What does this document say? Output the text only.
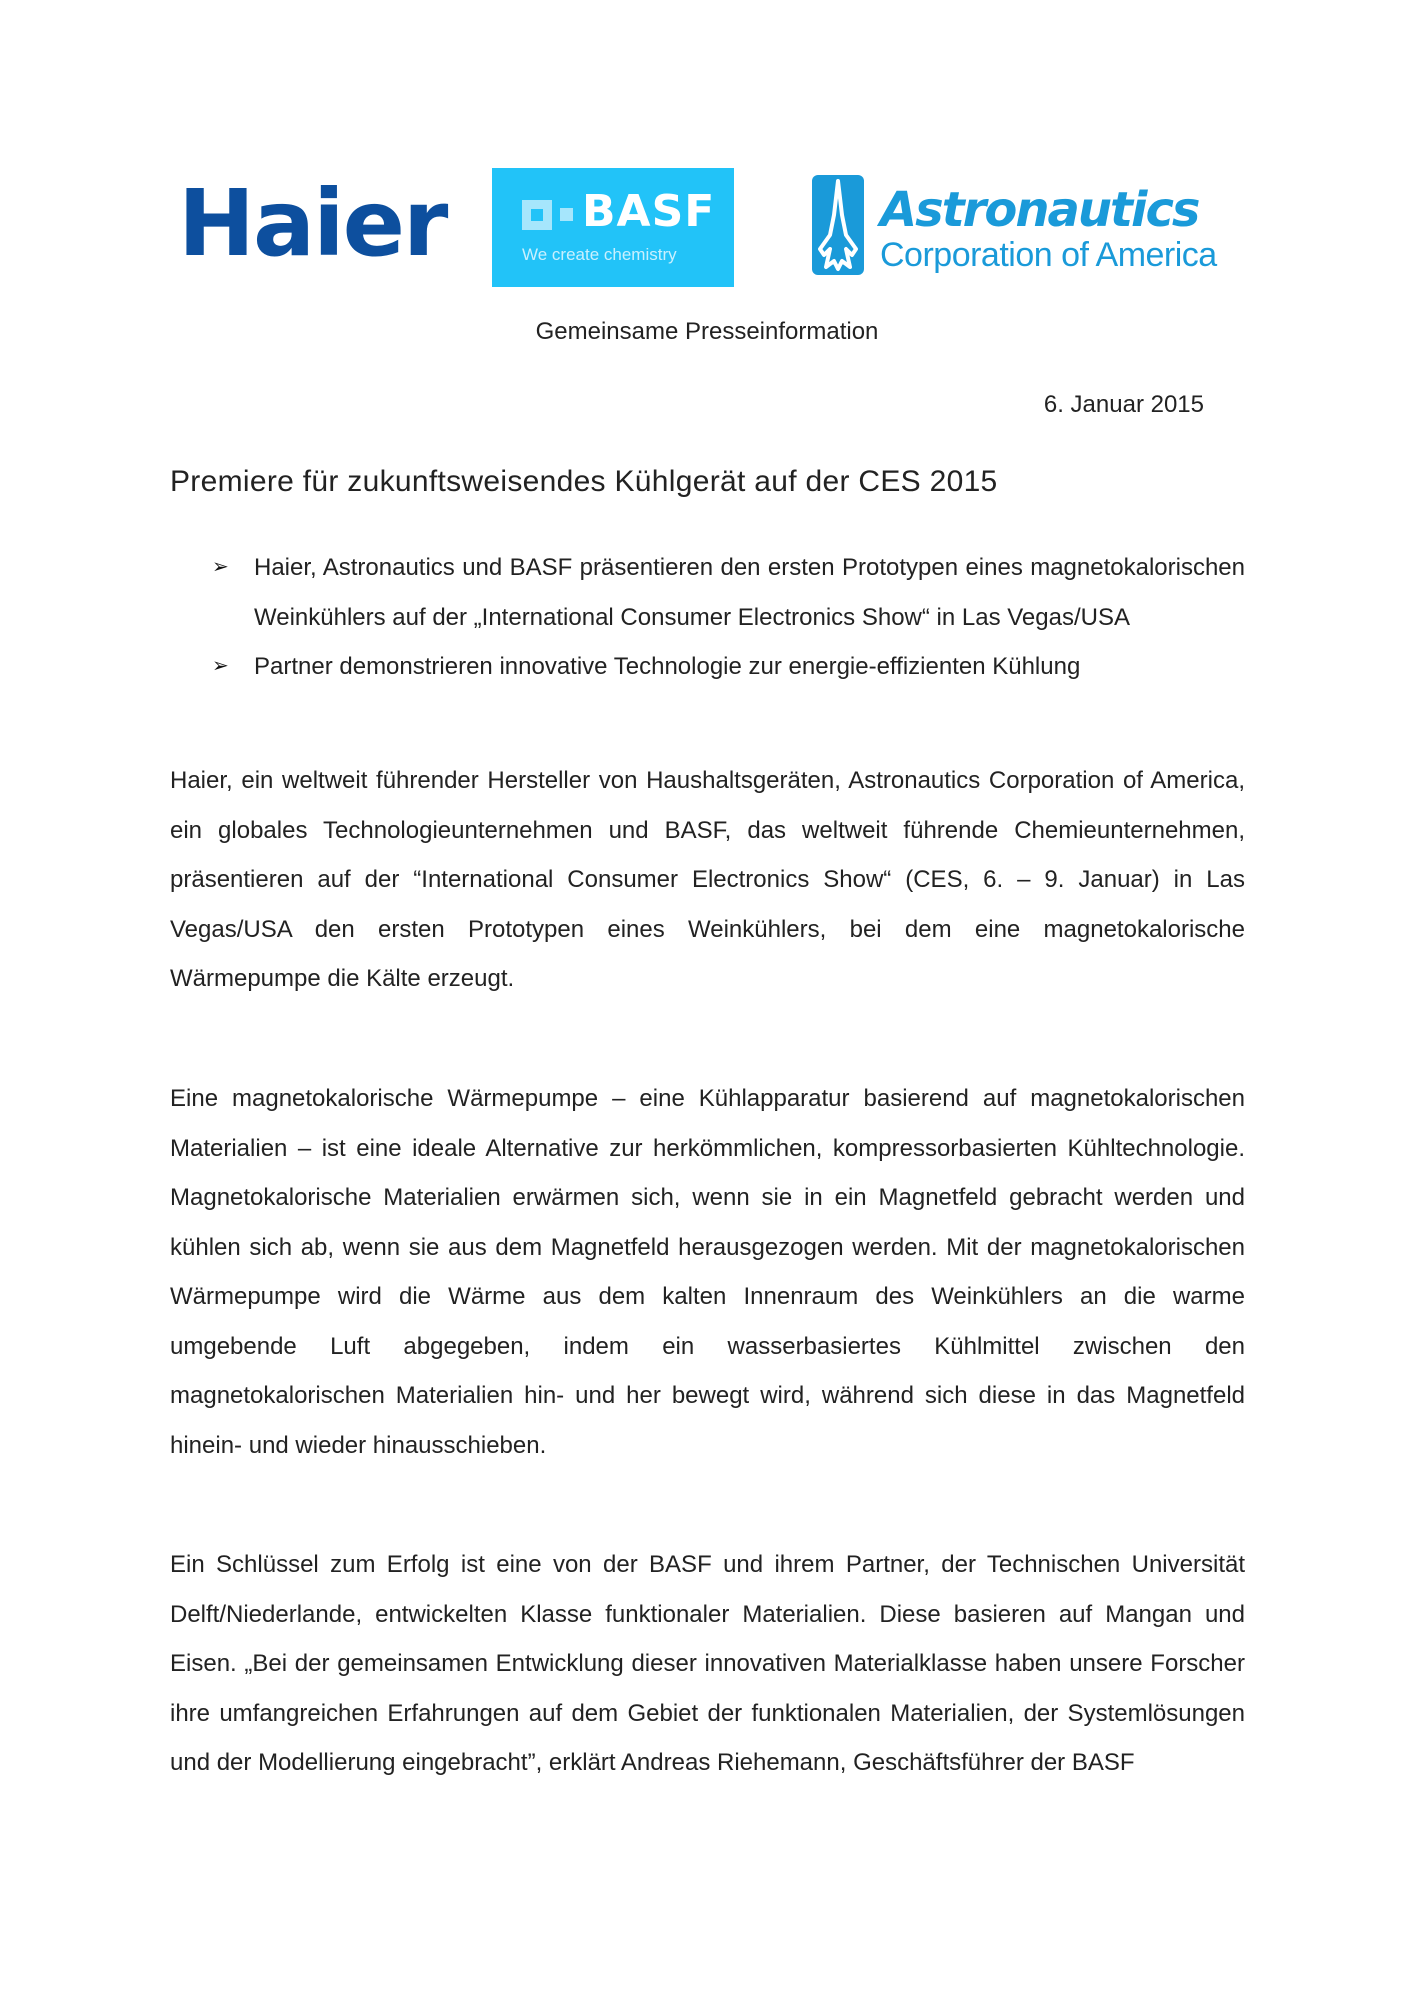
Haier	BASF
We create chemistry
Astronautics
Corporation of America
Gemeinsame Presseinformation
6. Januar 2015
Premiere für zukunftsweisendes Kühlgerät auf der CES 2015
➢ Haier, Astronautics und BASF präsentieren den ersten Prototypen eines magnetokalorischen Weinkühlers auf der „International Consumer Electronics Show“ in Las Vegas/USA
➢ Partner demonstrieren innovative Technologie zur energie-effizienten Kühlung

Haier, ein weltweit führender Hersteller von Haushaltsgeräten, Astronautics Corporation of America, ein globales Technologieunternehmen und BASF, das weltweit führende Chemieunternehmen, präsentieren auf der “International Consumer Electronics Show“ (CES, 6. – 9. Januar) in Las Vegas/USA den ersten Prototypen eines Weinkühlers, bei dem eine magnetokalorische Wärmepumpe die Kälte erzeugt.

Eine magnetokalorische Wärmepumpe – eine Kühlapparatur basierend auf magnetokalorischen Materialien – ist eine ideale Alternative zur herkömmlichen, kompressorbasierten Kühltechnologie. Magnetokalorische Materialien erwärmen sich, wenn sie in ein Magnetfeld gebracht werden und kühlen sich ab, wenn sie aus dem Magnetfeld herausgezogen werden. Mit der magnetokalorischen Wärmepumpe wird die Wärme aus dem kalten Innenraum des Weinkühlers an die warme umgebende Luft abgegeben, indem ein wasserbasiertes Kühlmittel zwischen den magnetokalorischen Materialien hin- und her bewegt wird, während sich diese in das Magnetfeld hinein- und wieder hinausschieben.

Ein Schlüssel zum Erfolg ist eine von der BASF und ihrem Partner, der Technischen Universität Delft/Niederlande, entwickelten Klasse funktionaler Materialien. Diese basieren auf Mangan und Eisen. „Bei der gemeinsamen Entwicklung dieser innovativen Materialklasse haben unsere Forscher ihre umfangreichen Erfahrungen auf dem Gebiet der funktionalen Materialien, der Systemlösungen und der Modellierung eingebracht”, erklärt Andreas Riehemann, Geschäftsführer der BASF
